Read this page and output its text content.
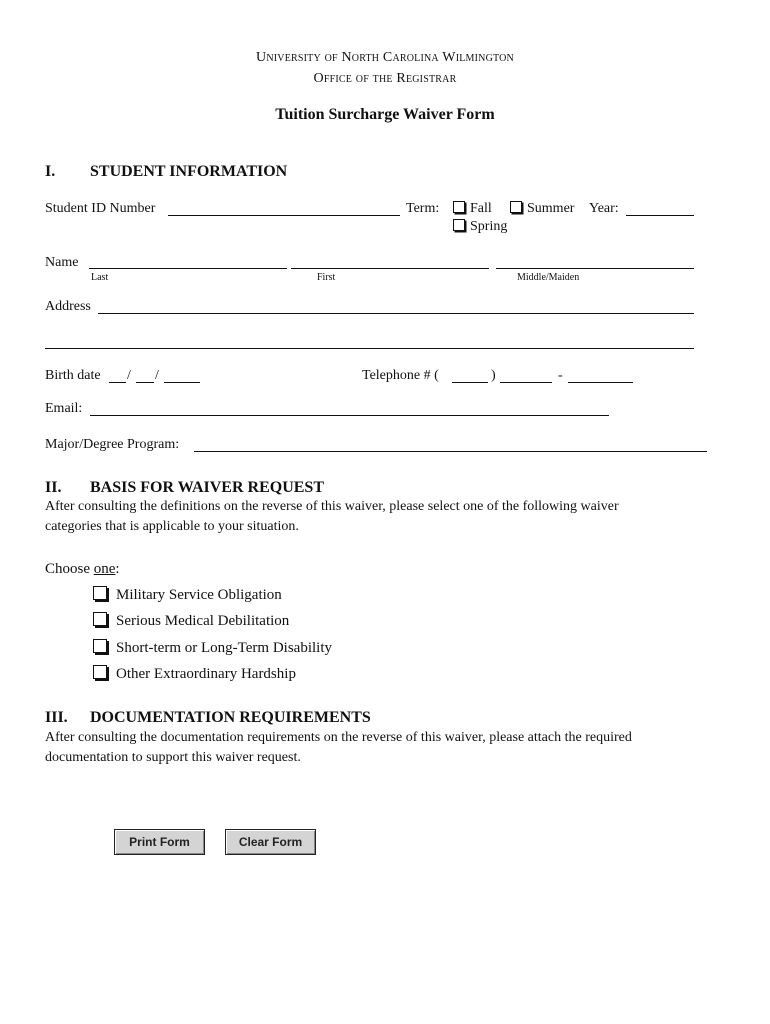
University of North Carolina Wilmington
Office of the Registrar
Tuition Surcharge Waiver Form
I. STUDENT INFORMATION
Student ID Number	Term:	Fall	Summer Year:
Spring
Name
Last	First	Middle/Maiden
Address
Birth date / /	Telephone # (	)	-
Email:
Major/Degree Program:
II. BASIS FOR WAIVER REQUEST
After consulting the definitions on the reverse of this waiver, please select one of the following waiver
categories that is applicable to your situation.
Choose one:
Military Service Obligation
Serious Medical Debilitation
Short-term or Long-Term Disability
Other Extraordinary Hardship
III. DOCUMENTATION REQUIREMENTS
After consulting the documentation requirements on the reverse of this waiver, please attach the required
documentation to support this waiver request.
Print Form	Clear Form
